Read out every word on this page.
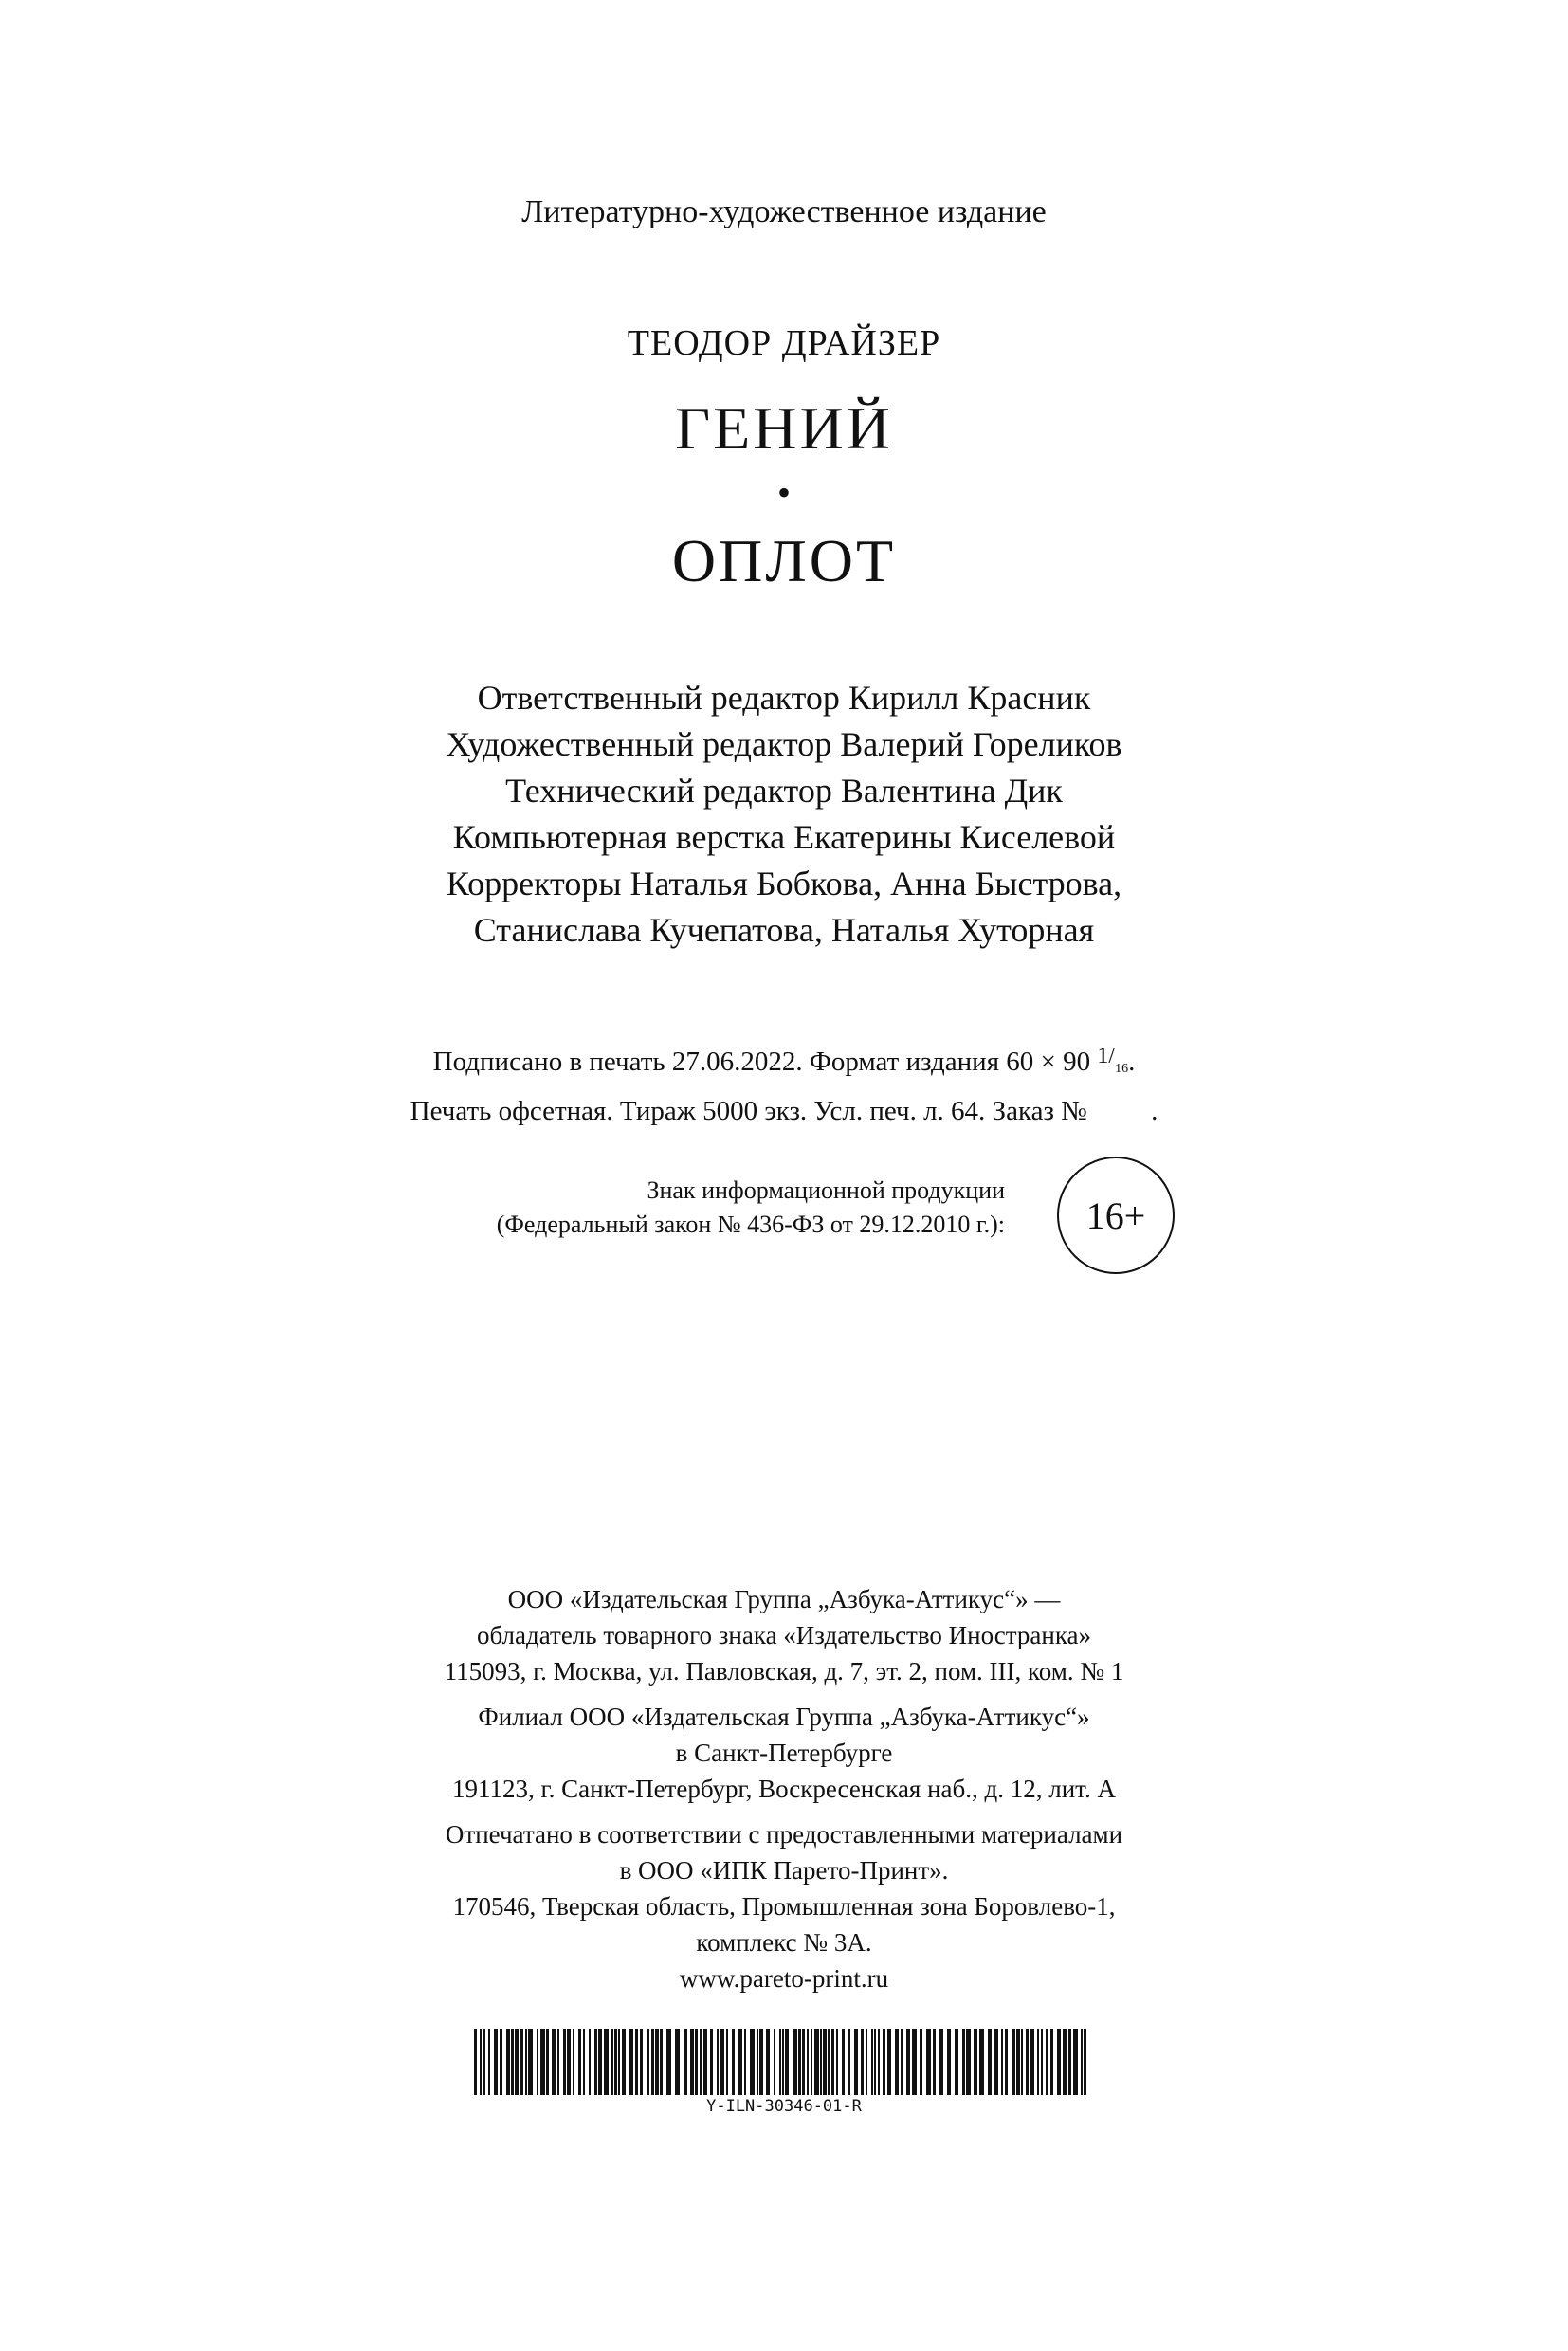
Литературно-художественное издание
ТЕОДОР ДРАЙЗЕР
ГЕНИЙ
•
ОПЛОТ
Ответственный редактор Кирилл Красник
Художественный редактор Валерий Гореликов
Технический редактор Валентина Дик
Компьютерная верстка Екатерины Киселевой
Корректоры Наталья Бобкова, Анна Быстрова,
Станислава Кучепатова, Наталья Хуторная
Подписано в печать 27.06.2022. Формат издания 60 × 90 $^{1/}$16.
Печать офсетная. Тираж 5000 экз. Усл. печ. л. 64. Заказ № .
Знак информационной продукции
(Федеральный закон № 436-ФЗ от 29.12.2010 г.): 16+
ООО «Издательская Группа „Азбука-Аттикус“» —
обладатель товарного знака «Издательство Иностранка»
115093, г. Москва, ул. Павловская, д. 7, эт. 2, пом. III, ком. № 1
Филиал ООО «Издательская Группа „Азбука-Аттикус“»
в Санкт-Петербурге
191123, г. Санкт-Петербург, Воскресенская наб., д. 12, лит. А
Отпечатано в соответствии с предоставленными материалами
в ООО «ИПК Парето-Принт».
170546, Тверская область, Промышленная зона Боровлево-1,
комплекс № 3А.
www.pareto-print.ru
Y-ILN-30346-01-R
